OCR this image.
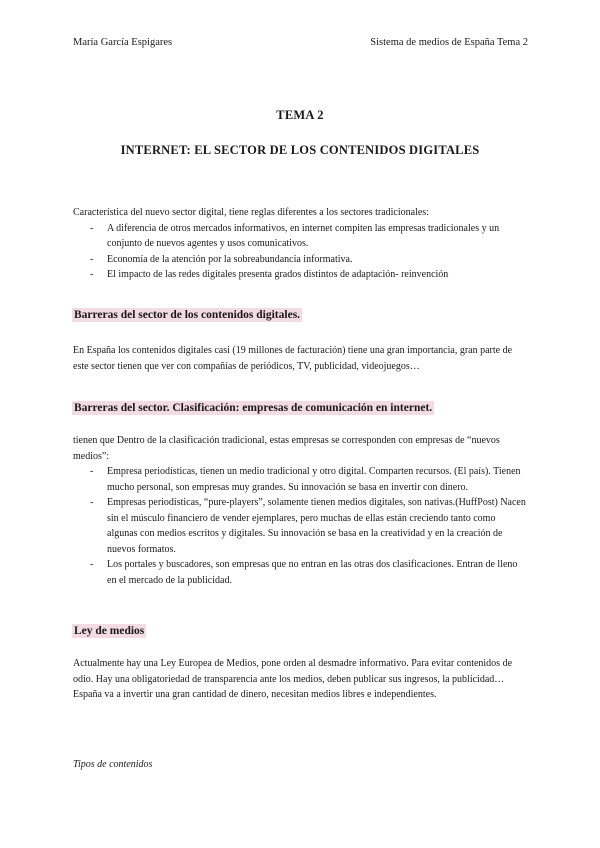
María García Espigares	Sistema de medios de España Tema 2
TEMA 2
INTERNET: EL SECTOR DE LOS CONTENIDOS DIGITALES
Característica del nuevo sector digital, tiene reglas diferentes a los sectores tradicionales:
- A diferencia de otros mercados informativos, en internet compiten las empresas tradicionales y un conjunto de nuevos agentes y usos comunicativos.
- Economía de la atención por la sobreabundancia informativa.
- El impacto de las redes digitales presenta grados distintos de adaptación- reinvención
Barreras del sector de los contenidos digitales.
En España los contenidos digitales casi (19 millones de facturación) tiene una gran importancia, gran parte de este sector tienen que ver con compañías de periódicos, TV, publicidad, videojuegos…
Barreras del sector. Clasificación: empresas de comunicación en internet.
tienen que Dentro de la clasificación tradicional, estas empresas se corresponden con empresas de “nuevos medios”:
- Empresa periodísticas, tienen un medio tradicional y otro digital. Comparten recursos. (El país). Tienen mucho personal, son empresas muy grandes. Su innovación se basa en invertir con dinero.
- Empresas periodísticas, “pure-players”, solamente tienen medios digitales, son nativas.(HuffPost) Nacen sin el músculo financiero de vender ejemplares, pero muchas de ellas están creciendo tanto como algunas con medios escritos y digitales. Su innovación se basa en la creatividad y en la creación de nuevos formatos.
- Los portales y buscadores, son empresas que no entran en las otras dos clasificaciones. Entran de lleno en el mercado de la publicidad.
Ley de medios
Actualmente hay una Ley Europea de Medios, pone orden al desmadre informativo. Para evitar contenidos de odio. Hay una obligatoriedad de transparencia ante los medios, deben publicar sus ingresos, la publicidad… España va a invertir una gran cantidad de dinero, necesitan medios libres e independientes.
Tipos de contenidos
